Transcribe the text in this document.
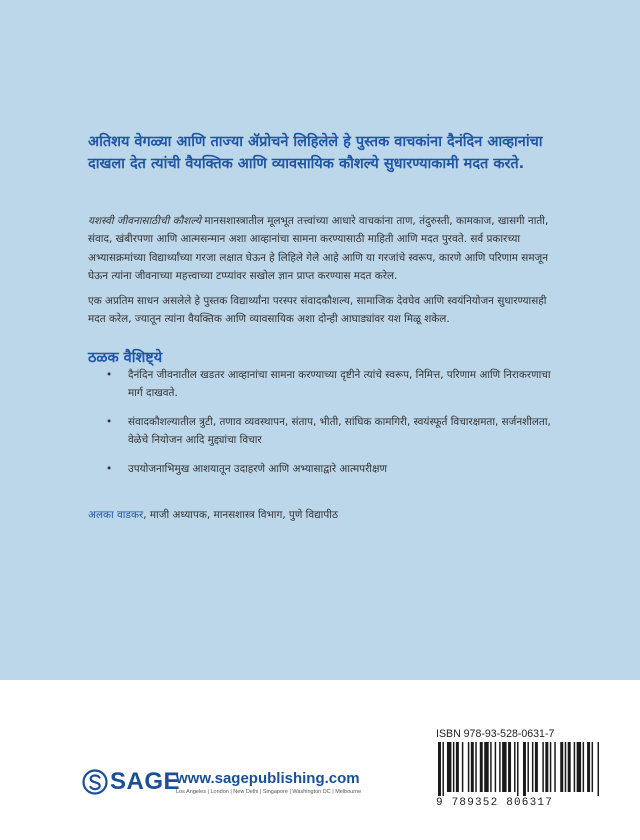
अतिशय वेगळ्या आणि ताज्या ॲप्रोचने लिहिलेले हे पुस्तक वाचकांना दैनंदिन आव्हानांचा दाखला देत त्यांची वैयक्तिक आणि व्यावसायिक कौशल्ये सुधारण्याकामी मदत करते.
यशस्वी जीवनासाठीची कौशल्ये मानसशास्त्रातील मूलभूत तत्त्वांच्या आधारे वाचकांना ताण, तंदुरुस्ती, कामकाज, खासगी नाती, संवाद, खंबीरपणा आणि आत्मसन्मान अशा आव्हानांचा सामना करण्यासाठी माहिती आणि मदत पुरवते. सर्व प्रकारच्या अभ्यासक्रमांच्या विद्यार्थ्यांच्या गरजा लक्षात घेऊन हे लिहिले गेले आहे आणि या गरजांचे स्वरूप, कारणे आणि परिणाम समजून घेऊन त्यांना जीवनाच्या महत्त्वाच्या टप्प्यांवर सखोल ज्ञान प्राप्त करण्यास मदत करेल.
एक अप्रतिम साधन असलेले हे पुस्तक विद्यार्थ्यांना परस्पर संवादकौशल्य, सामाजिक देवघेव आणि स्वयंनियोजन सुधारण्यासही मदत करेल, ज्यातून त्यांना वैयक्तिक आणि व्यावसायिक अशा दोन्ही आघाड्यांवर यश मिळू शकेल.
ठळक वैशिष्ट्ये
• दैनंदिन जीवनातील खडतर आव्हानांचा सामना करण्याच्या दृष्टीने त्यांचे स्वरूप, निमित्त, परिणाम आणि निराकरणाचा मार्ग दाखवते.
• संवादकौशल्यातील त्रुटी, तणाव व्यवस्थापन, संताप, भीती, सांघिक कामगिरी, स्वयंस्फूर्त विचारक्षमता, सर्जनशीलता, वेळेचे नियोजन आदि मुद्द्यांचा विचार
• उपयोजनाभिमुख आशयातून उदाहरणे आणि अभ्यासाद्वारे आत्मपरीक्षण
अलका वाडकर, माजी अध्यापक, मानसशास्त्र विभाग, पुणे विद्यापीठ
ISBN 978-93-528-0631-7
9 789352 806317
SAGE
www.sagepublishing.com
Los Angeles | London | New Delhi | Singapore | Washington DC | Melbourne
